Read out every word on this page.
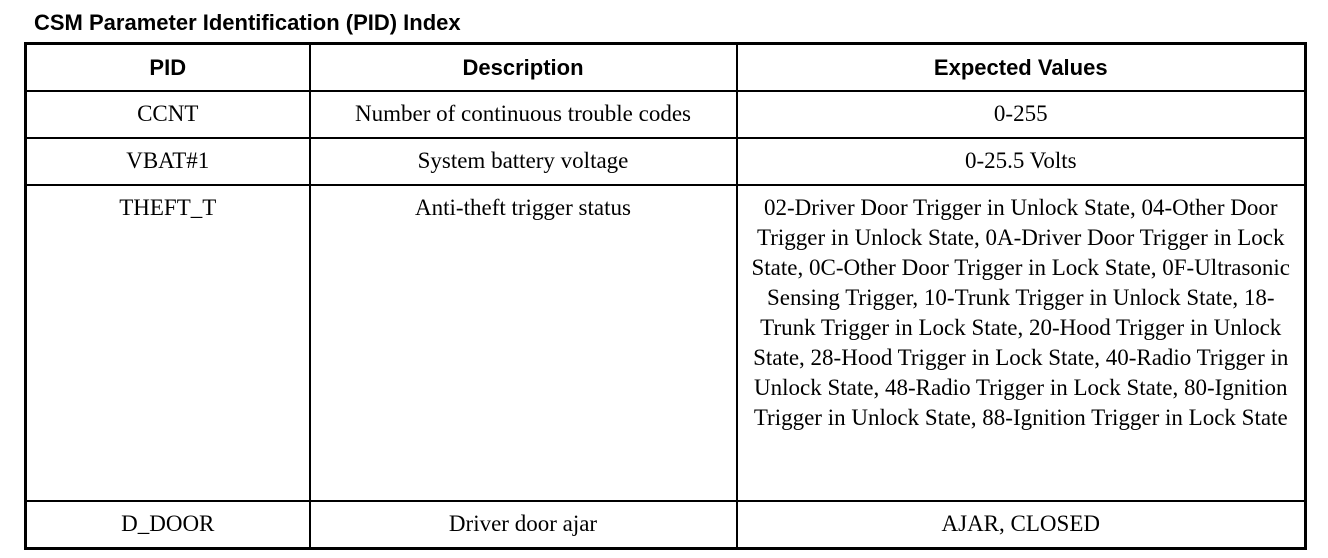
CSM Parameter Identification (PID) Index
PID	Description	Expected Values
CCNT	Number of continuous trouble codes	0-255
VBAT#1	System battery voltage	0-25.5 Volts
THEFT_T	Anti-theft trigger status	02-Driver Door Trigger in Unlock State, 04-Other Door Trigger in Unlock State, 0A-Driver Door Trigger in Lock State, 0C-Other Door Trigger in Lock State, 0F-Ultrasonic Sensing Trigger, 10-Trunk Trigger in Unlock State, 18-Trunk Trigger in Lock State, 20-Hood Trigger in Unlock State, 28-Hood Trigger in Lock State, 40-Radio Trigger in Unlock State, 48-Radio Trigger in Lock State, 80-Ignition Trigger in Unlock State, 88-Ignition Trigger in Lock State
D_DOOR	Driver door ajar	AJAR, CLOSED
